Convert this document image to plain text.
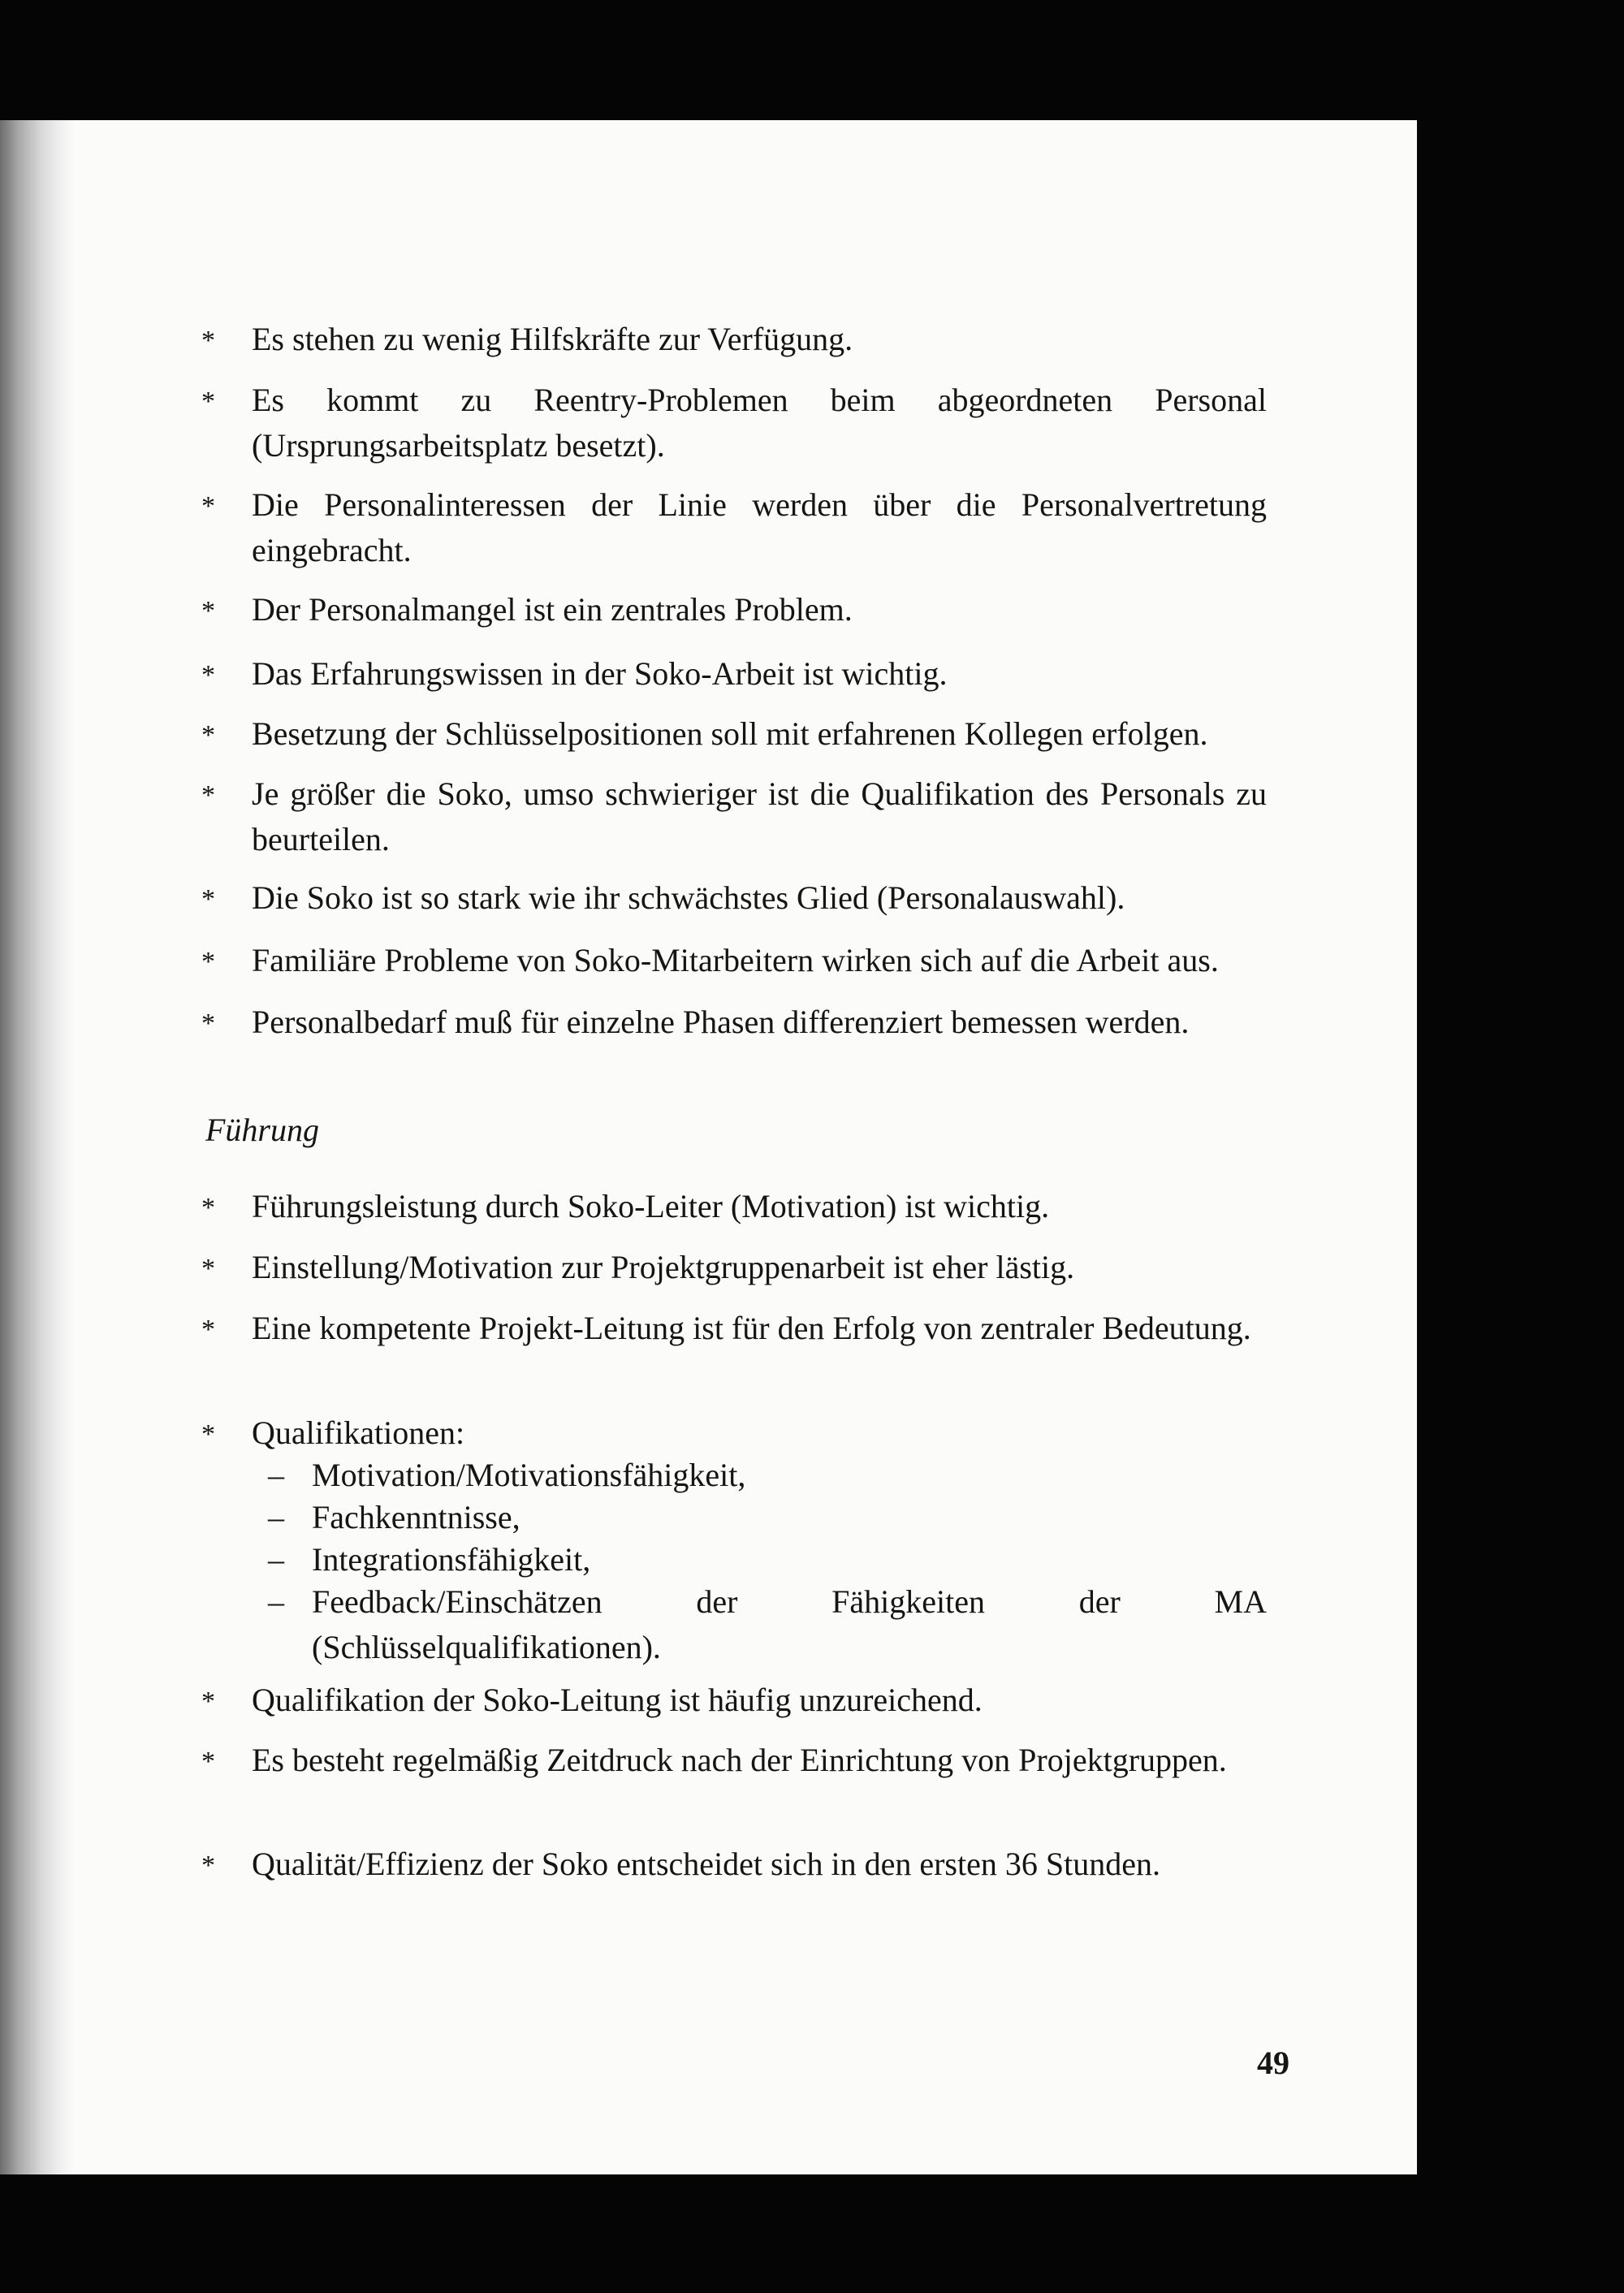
* Es stehen zu wenig Hilfskräfte zur Verfügung.
* Es kommt zu Reentry-Problemen beim abgeordneten Personal (Ursprungsarbeitsplatz besetzt).
* Die Personalinteressen der Linie werden über die Personalvertretung eingebracht.
* Der Personalmangel ist ein zentrales Problem.
* Das Erfahrungswissen in der Soko-Arbeit ist wichtig.
* Besetzung der Schlüsselpositionen soll mit erfahrenen Kollegen erfolgen.
* Je größer die Soko, umso schwieriger ist die Qualifikation des Personals zu beurteilen.
* Die Soko ist so stark wie ihr schwächstes Glied (Personalauswahl).
* Familiäre Probleme von Soko-Mitarbeitern wirken sich auf die Arbeit aus.
* Personalbedarf muß für einzelne Phasen differenziert bemessen werden.
Führung
* Führungsleistung durch Soko-Leiter (Motivation) ist wichtig.
* Einstellung/Motivation zur Projektgruppenarbeit ist eher lästig.
* Eine kompetente Projekt-Leitung ist für den Erfolg von zentraler Bedeutung.
* Qualifikationen:
– Motivation/Motivationsfähigkeit,
– Fachkenntnisse,
– Integrationsfähigkeit,
– Feedback/Einschätzen der Fähigkeiten der MA (Schlüsselqualifikationen).
* Qualifikation der Soko-Leitung ist häufig unzureichend.
* Es besteht regelmäßig Zeitdruck nach der Einrichtung von Projektgruppen.
* Qualität/Effizienz der Soko entscheidet sich in den ersten 36 Stunden.
49
